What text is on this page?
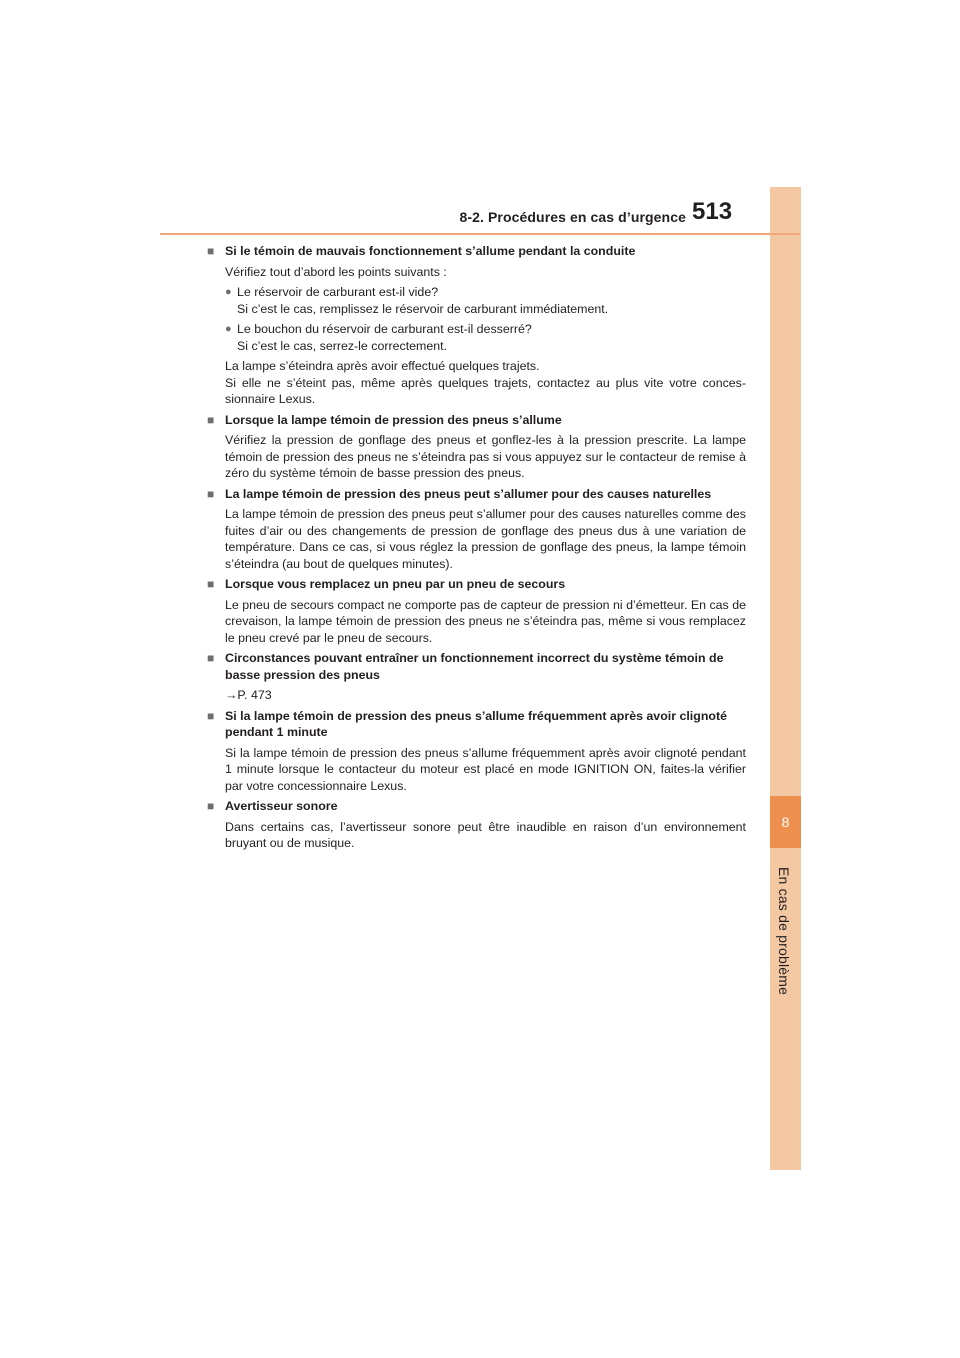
8
En cas de problème
8-2. Procédures en cas d’urgence 513
■ Si le témoin de mauvais fonctionnement s’allume pendant la conduite

Vérifiez tout d’abord les points suivants :

● Le réservoir de carburant est-il vide?
Si c’est le cas, remplissez le réservoir de carburant immédiatement.
● Le bouchon du réservoir de carburant est-il desserré?
Si c’est le cas, serrez-le correctement.

La lampe s’éteindra après avoir effectué quelques trajets.

Si elle ne s’éteint pas, même après quelques trajets, contactez au plus vite votre conces-sionnaire Lexus.

■ Lorsque la lampe témoin de pression des pneus s’allume

Vérifiez la pression de gonflage des pneus et gonflez-les à la pression prescrite. La lampe témoin de pression des pneus ne s’éteindra pas si vous appuyez sur le contacteur de remise à zéro du système témoin de basse pression des pneus.

■ La lampe témoin de pression des pneus peut s’allumer pour des causes naturelles

La lampe témoin de pression des pneus peut s’allumer pour des causes naturelles comme des fuites d’air ou des changements de pression de gonflage des pneus dus à une variation de température. Dans ce cas, si vous réglez la pression de gonflage des pneus, la lampe témoin s’éteindra (au bout de quelques minutes).

■ Lorsque vous remplacez un pneu par un pneu de secours

Le pneu de secours compact ne comporte pas de capteur de pression ni d’émetteur. En cas de crevaison, la lampe témoin de pression des pneus ne s’éteindra pas, même si vous remplacez le pneu crevé par le pneu de secours.

■ Circonstances pouvant entraîner un fonctionnement incorrect du système témoin de basse pression des pneus

→P. 473

■ Si la lampe témoin de pression des pneus s’allume fréquemment après avoir clignoté pendant 1 minute

Si la lampe témoin de pression des pneus s’allume fréquemment après avoir clignoté pendant 1 minute lorsque le contacteur du moteur est placé en mode IGNITION ON, faites-la vérifier par votre concessionnaire Lexus.

■ Avertisseur sonore

Dans certains cas, l’avertisseur sonore peut être inaudible en raison d’un environnement bruyant ou de musique.
